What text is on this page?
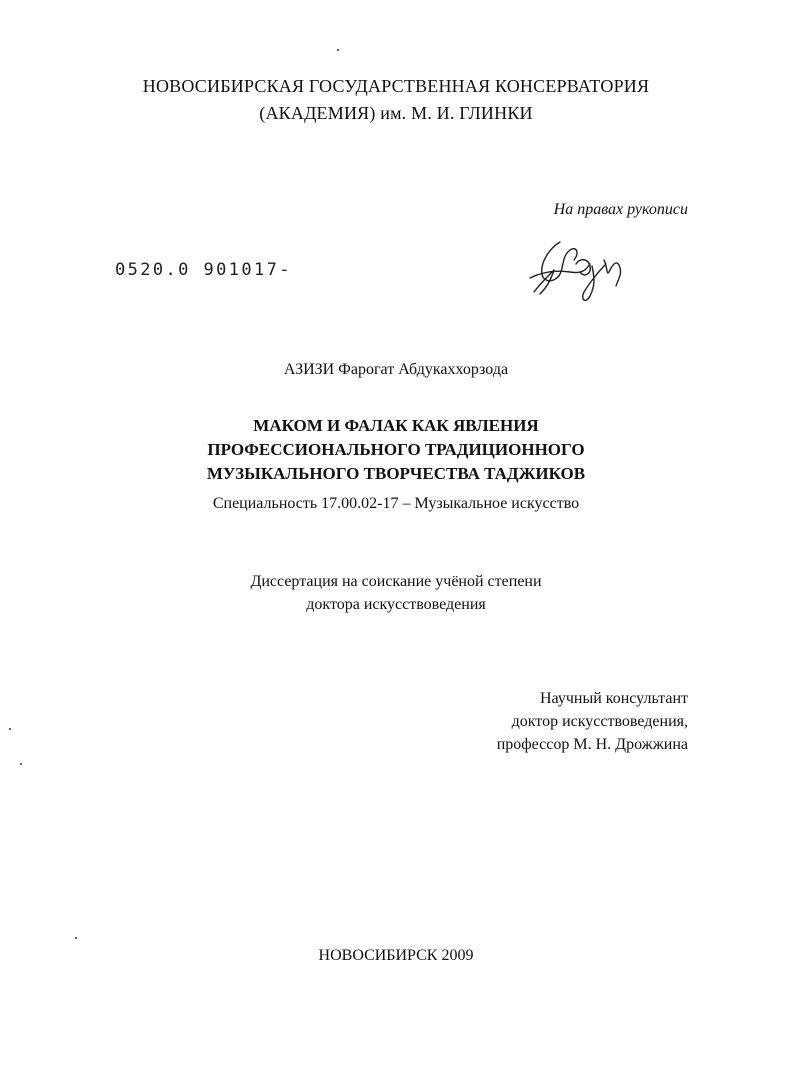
НОВОСИБИРСКАЯ ГОСУДАРСТВЕННАЯ КОНСЕРВАТОРИЯ
(АКАДЕМИЯ) им. М. И. ГЛИНКИ
На правах рукописи
0520.0 901017-
АЗИЗИ Фарогат Абдукаххорзода
МАКОМ И ФАЛАК КАК ЯВЛЕНИЯ
ПРОФЕССИОНАЛЬНОГО ТРАДИЦИОННОГО
МУЗЫКАЛЬНОГО ТВОРЧЕСТВА ТАДЖИКОВ
Специальность 17.00.02-17 – Музыкальное искусство
Диссертация на соискание учёной степени
доктора искусствоведения
Научный консультант
доктор искусствоведения,
профессор М. Н. Дрожжина
НОВОСИБИРСК 2009
